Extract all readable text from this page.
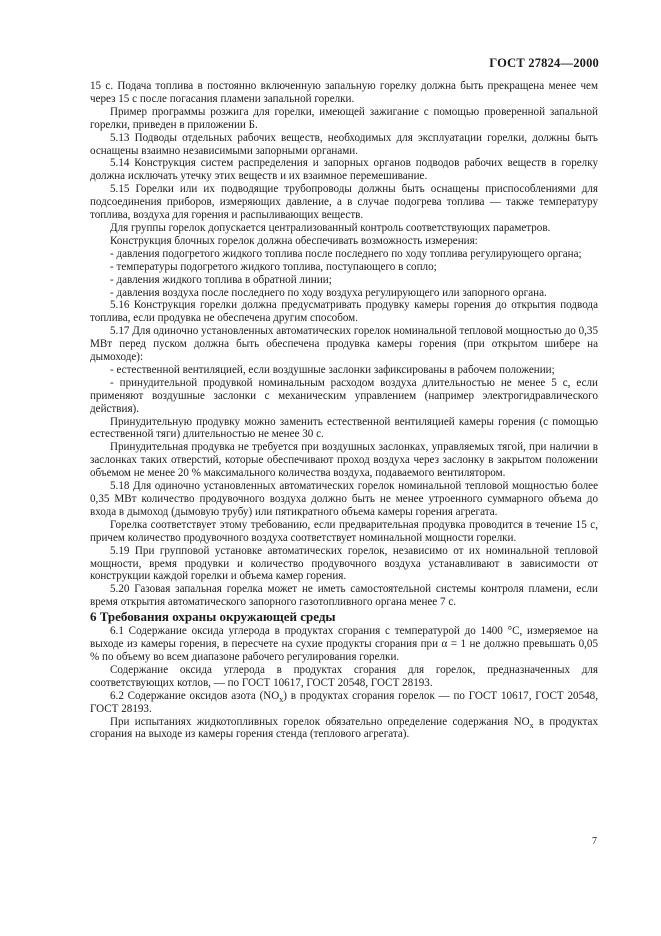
ГОСТ 27824—2000

15 с. Подача топлива в постоянно включенную запальную горелку должна быть прекращена менее чем через 15 с после погасания пламени запальной горелки.

Пример программы розжига для горелки, имеющей зажигание с помощью проверенной запальной горелки, приведен в приложении Б.

5.13 Подводы отдельных рабочих веществ, необходимых для эксплуатации горелки, должны быть оснащены взаимно независимыми запорными органами.

5.14 Конструкция систем распределения и запорных органов подводов рабочих веществ в горелку должна исключать утечку этих веществ и их взаимное перемешивание.

5.15 Горелки или их подводящие трубопроводы должны быть оснащены приспособлениями для подсоединения приборов, измеряющих давление, а в случае подогрева топлива — также температуру топлива, воздуха для горения и распыливающих веществ.

Для группы горелок допускается централизованный контроль соответствующих параметров.

Конструкция блочных горелок должна обеспечивать возможность измерения:

- давления подогретого жидкого топлива после последнего по ходу топлива регулирующего органа;

- температуры подогретого жидкого топлива, поступающего в сопло;

- давления жидкого топлива в обратной линии;

- давления воздуха после последнего по ходу воздуха регулирующего или запорного органа.

5.16 Конструкция горелки должна предусматривать продувку камеры горения до открытия подвода топлива, если продувка не обеспечена другим способом.

5.17 Для одиночно установленных автоматических горелок номинальной тепловой мощностью до 0,35 МВт перед пуском должна быть обеспечена продувка камеры горения (при открытом шибере на дымоходе):

- естественной вентиляцией, если воздушные заслонки зафиксированы в рабочем положении;

- принудительной продувкой номинальным расходом воздуха длительностью не менее 5 с, если применяют воздушные заслонки с механическим управлением (например электрогидравлического действия).

Принудительную продувку можно заменить естественной вентиляцией камеры горения (с помощью естественной тяги) длительностью не менее 30 с.

Принудительная продувка не требуется при воздушных заслонках, управляемых тягой, при наличии в заслонках таких отверстий, которые обеспечивают проход воздуха через заслонку в закрытом положении объемом не менее 20 % максимального количества воздуха, подаваемого вентилятором.

5.18 Для одиночно установленных автоматических горелок номинальной тепловой мощностью более 0,35 МВт количество продувочного воздуха должно быть не менее утроенного суммарного объема до входа в дымоход (дымовую трубу) или пятикратного объема камеры горения агрегата.

Горелка соответствует этому требованию, если предварительная продувка проводится в течение 15 с, причем количество продувочного воздуха соответствует номинальной мощности горелки.

5.19 При групповой установке автоматических горелок, независимо от их номинальной тепловой мощности, время продувки и количество продувочного воздуха устанавливают в зависимости от конструкции каждой горелки и объема камер горения.

5.20 Газовая запальная горелка может не иметь самостоятельной системы контроля пламени, если время открытия автоматического запорного газотопливного органа менее 7 с.

6 Требования охраны окружающей среды

6.1 Содержание оксида углерода в продуктах сгорания с температурой до 1400 °С, измеряемое на выходе из камеры горения, в пересчете на сухие продукты сгорания при α = 1 не должно превышать 0,05 % по объему во всем диапазоне рабочего регулирования горелки.

Содержание оксида углерода в продуктах сгорания для горелок, предназначенных для соответствующих котлов, — по ГОСТ 10617, ГОСТ 20548, ГОСТ 28193.

6.2 Содержание оксидов азота $(NO_x)$ в продуктах сгорания горелок — по ГОСТ 10617, ГОСТ 20548, ГОСТ 28193.

При испытаниях жидкотопливных горелок обязательно определение содержания $NO_x$ в продуктах сгорания на выходе из камеры горения стенда (теплового агрегата).

7
